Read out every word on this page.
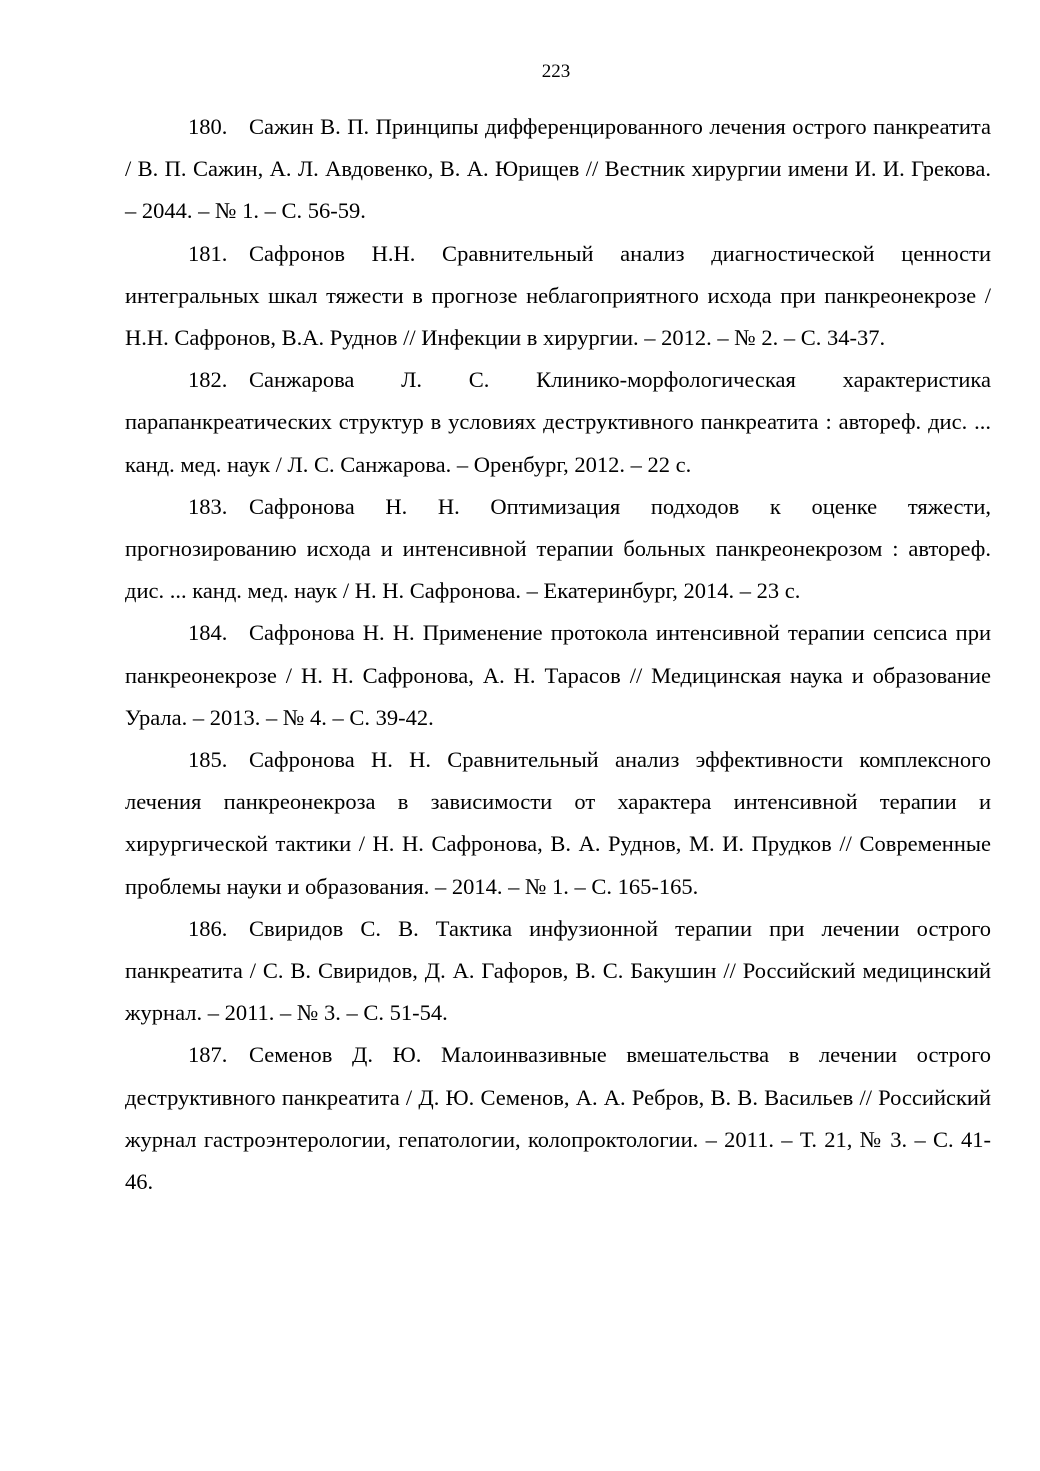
223

180. Сажин В. П. Принципы дифференцированного лечения острого панкреатита / В. П. Сажин, А. Л. Авдовенко, В. А. Юрищев // Вестник хирургии имени И. И. Грекова. – 2044. – № 1. – С. 56-59.

181. Сафронов Н.Н. Сравнительный анализ диагностической ценности интегральных шкал тяжести в прогнозе неблагоприятного исхода при панкреонекрозе / Н.Н. Сафронов, В.А. Руднов // Инфекции в хирургии. – 2012. – № 2. – С. 34-37.

182. Санжарова Л. С. Клинико-морфологическая характеристика парапанкреатических структур в условиях деструктивного панкреатита : автореф. дис. ... канд. мед. наук / Л. С. Санжарова. – Оренбург, 2012. – 22 с.

183. Сафронова Н. Н. Оптимизация подходов к оценке тяжести, прогнозированию исхода и интенсивной терапии больных панкреонекрозом : автореф. дис. ... канд. мед. наук / Н. Н. Сафронова. – Екатеринбург, 2014. – 23 с.

184. Сафронова Н. Н. Применение протокола интенсивной терапии сепсиса при панкреонекрозе / Н. Н. Сафронова, А. Н. Тарасов // Медицинская наука и образование Урала. – 2013. – № 4. – С. 39-42.

185. Сафронова Н. Н. Сравнительный анализ эффективности комплексного лечения панкреонекроза в зависимости от характера интенсивной терапии и хирургической тактики / Н. Н. Сафронова, В. А. Руднов, М. И. Прудков // Современные проблемы науки и образования. – 2014. – № 1. – С. 165-165.

186. Свиридов С. В. Тактика инфузионной терапии при лечении острого панкреатита / С. В. Свиридов, Д. А. Гафоров, В. С. Бакушин // Российский медицинский журнал. – 2011. – № 3. – С. 51-54.

187. Семенов Д. Ю. Малоинвазивные вмешательства в лечении острого деструктивного панкреатита / Д. Ю. Семенов, А. А. Ребров, В. В. Васильев // Российский журнал гастроэнтерологии, гепатологии, колопроктологии. – 2011. – Т. 21, № 3. – С. 41-46.
